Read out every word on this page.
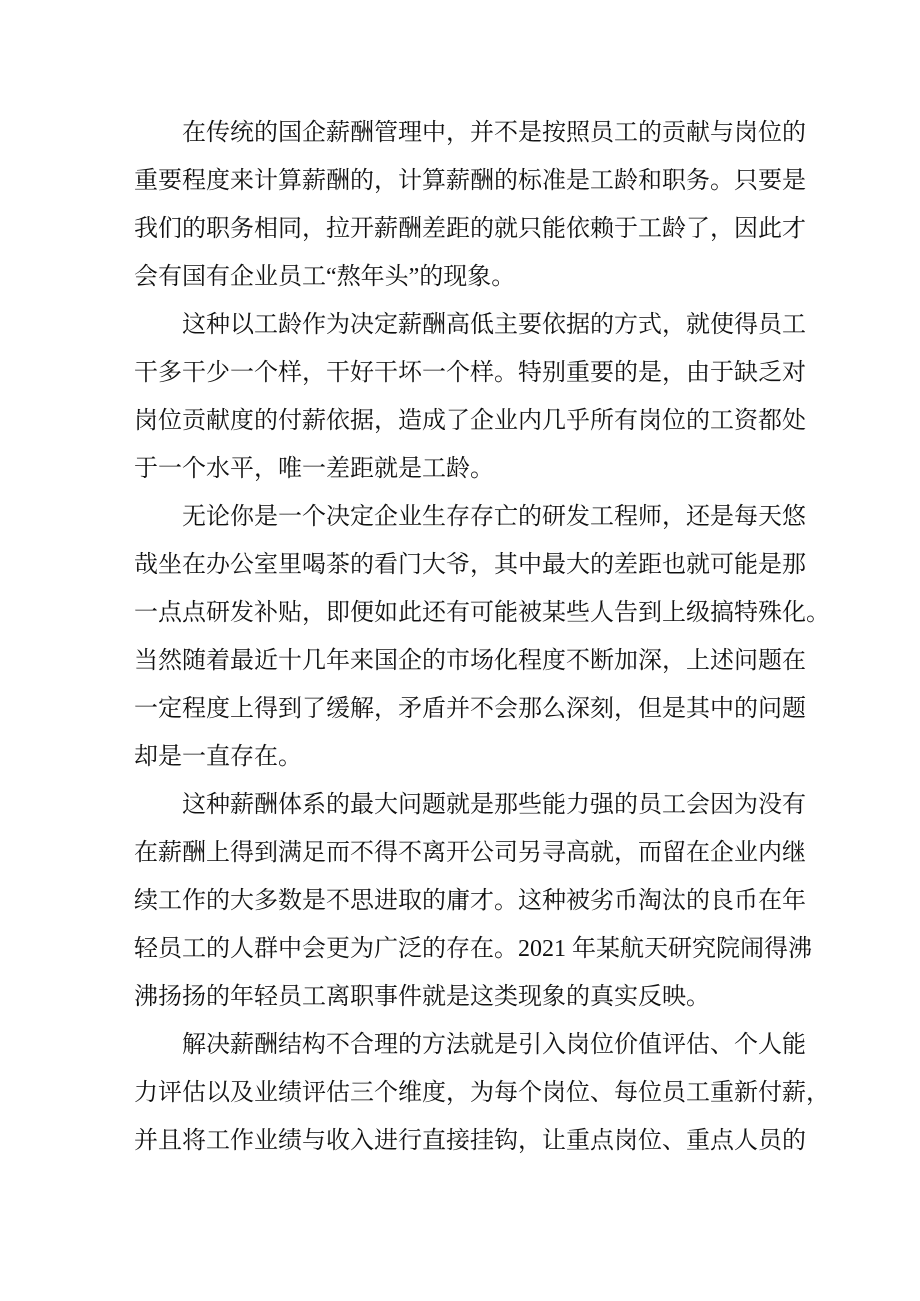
在传统的国企薪酬管理中，并不是按照员工的贡献与岗位的
重要程度来计算薪酬的，计算薪酬的标准是工龄和职务。只要是
我们的职务相同，拉开薪酬差距的就只能依赖于工龄了，因此才
会有国有企业员工“熬年头”的现象。
这种以工龄作为决定薪酬高低主要依据的方式，就使得员工
干多干少一个样，干好干坏一个样。特别重要的是，由于缺乏对
岗位贡献度的付薪依据，造成了企业内几乎所有岗位的工资都处
于一个水平，唯一差距就是工龄。
无论你是一个决定企业生存存亡的研发工程师，还是每天悠
哉坐在办公室里喝茶的看门大爷，其中最大的差距也就可能是那
一点点研发补贴，即便如此还有可能被某些人告到上级搞特殊化。
当然随着最近十几年来国企的市场化程度不断加深，上述问题在
一定程度上得到了缓解，矛盾并不会那么深刻，但是其中的问题
却是一直存在。
这种薪酬体系的最大问题就是那些能力强的员工会因为没有
在薪酬上得到满足而不得不离开公司另寻高就，而留在企业内继
续工作的大多数是不思进取的庸才。这种被劣币淘汰的良币在年
轻员工的人群中会更为广泛的存在。2021 年某航天研究院闹得沸
沸扬扬的年轻员工离职事件就是这类现象的真实反映。
解决薪酬结构不合理的方法就是引入岗位价值评估、个人能
力评估以及业绩评估三个维度，为每个岗位、每位员工重新付薪，
并且将工作业绩与收入进行直接挂钩，让重点岗位、重点人员的
